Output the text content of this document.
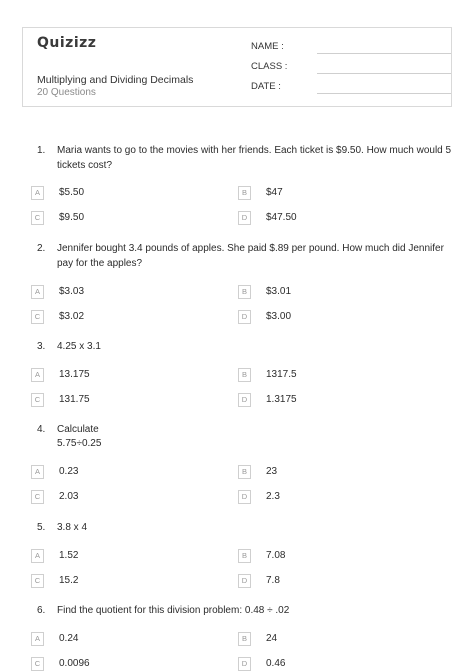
Quizizz
Multiplying and Dividing Decimals
20 Questions
NAME :
CLASS :
DATE :
1.	Maria wants to go to the movies with her friends. Each ticket is $9.50. How much would 5 tickets cost?
A	$5.50	B	$47
C	$9.50	D	$47.50
2.	Jennifer bought 3.4 pounds of apples. She paid $.89 per pound. How much did Jennifer pay for the apples?
A	$3.03	B	$3.01
C	$3.02	D	$3.00
3.	4.25 x 3.1
A	13.175	B	1317.5
C	131.75	D	1.3175
4.	Calculate
5.75÷0.25
A	0.23	B	23
C	2.03	D	2.3
5.	3.8 x 4
A	1.52	B	7.08
C	15.2	D	7.8
6.	Find the quotient for this division problem: 0.48 ÷ .02
A	0.24	B	24
C	0.0096	D	0.46
